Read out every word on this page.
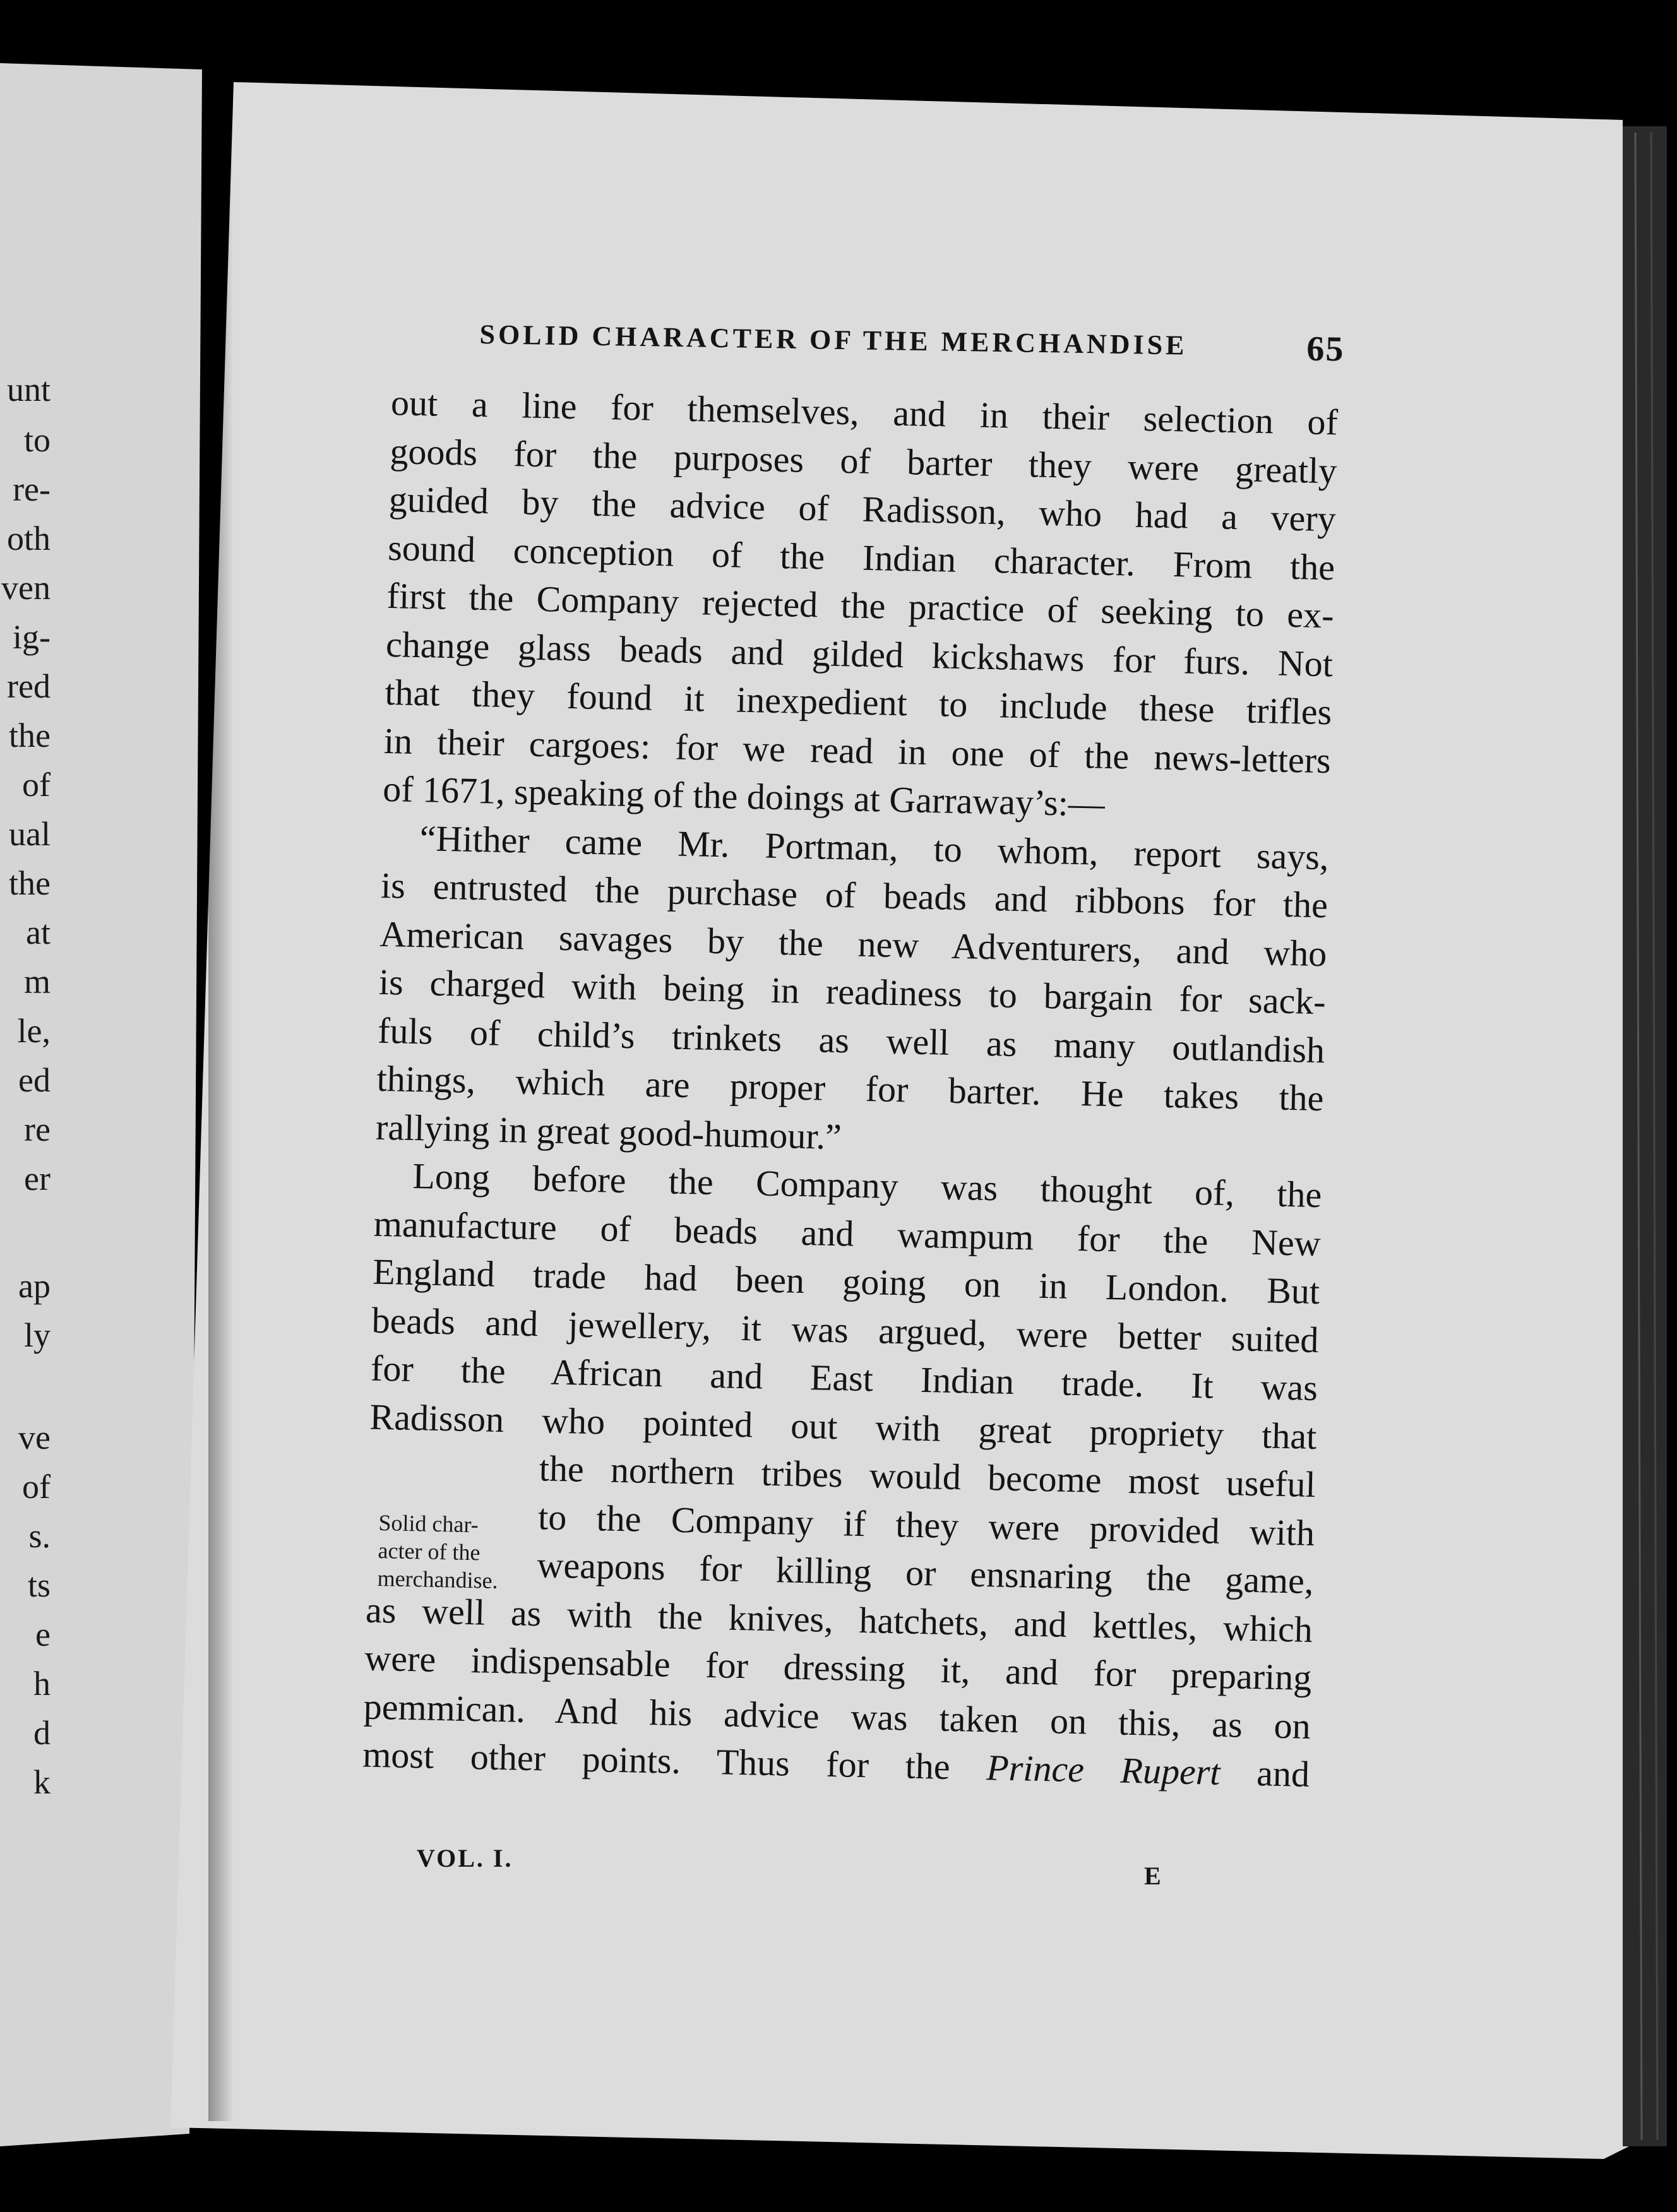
unt
to
re-
oth
ven
ig-
red
the
of
ual
the
at
m
le,
ed
re
er
ap
ly
ve
of
s.
ts
e
h
d
k
SOLID CHARACTER OF THE MERCHANDISE	65
out a line for themselves, and in their selection of
goods for the purposes of barter they were greatly
guided by the advice of Radisson, who had a very
sound conception of the Indian character. From the
first the Company rejected the practice of seeking to ex-
change glass beads and gilded kickshaws for furs. Not
that they found it inexpedient to include these trifles
in their cargoes: for we read in one of the news-letters
of 1671, speaking of the doings at Garraway’s:—
“Hither came Mr. Portman, to whom, report says,
is entrusted the purchase of beads and ribbons for the
American savages by the new Adventurers, and who
is charged with being in readiness to bargain for sack-
fuls of child’s trinkets as well as many outlandish
things, which are proper for barter. He takes the
rallying in great good-humour.”
Long before the Company was thought of, the
manufacture of beads and wampum for the New
England trade had been going on in London. But
beads and jewellery, it was argued, were better suited
for the African and East Indian trade. It was
Radisson who pointed out with great propriety that
the northern tribes would become most useful
to the Company if they were provided with
weapons for killing or ensnaring the game,
as well as with the knives, hatchets, and kettles, which
were indispensable for dressing it, and for preparing
pemmican. And his advice was taken on this, as on
most other points. Thus for the Prince Rupert and
Solid char-
acter of the
merchandise.
VOL. I.
E
